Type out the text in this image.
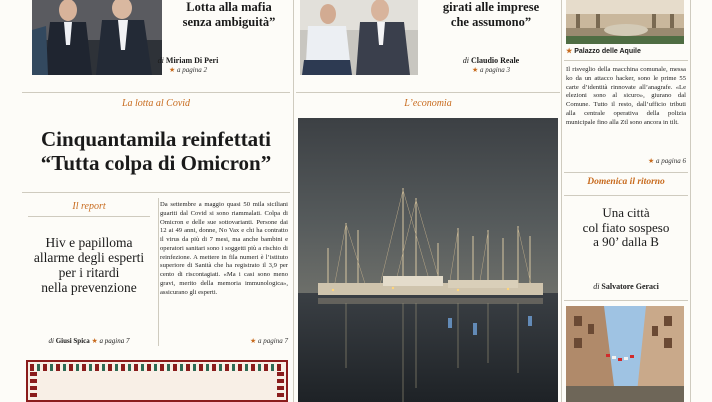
Lotta alla mafia
senza ambiguità”
di Miriam Di Peri
★ a pagina 2
La lotta al Covid
Cinquantamila reinfettati
“Tutta colpa di Omicron”
Il report
Hiv e papilloma
allarme degli esperti
per i ritardi
nella prevenzione
di Giusi Spica ★ a pagina 7
Da settembre a maggio quasi 50 mila siciliani guariti dal Covid si sono riammalati. Colpa di Omicron e delle sue sottovarianti. Persone dai 12 ai 49 anni, donne, No Vax e chi ha contratto il virus da più di 7 mesi, ma anche bambini e operatori sanitari sono i soggetti più a rischio di reinfezione. A mettere in fila numeri è l’istituto superiore di Sanità che ha registrato il 3,9 per cento di riscontagiati. «Ma i casi sono meno gravi, merito della memoria immunologica», assicurano gli esperti.
★ a pagina 7
girati alle imprese
che assumono”
di Claudio Reale
★ a pagina 3
L’economia
★ Palazzo delle Aquile
Il risveglio della macchina comunale, messa ko da un attacco hacker, sono le prime 55 carte d’identità rinnovate all’anagrafe. «Le elezioni sono al sicuro», giurano dal Comune. Tutto il resto, dall’ufficio tributi alla centrale operativa della polizia municipale fino alla Ztl sono ancora in tilt.
★ a pagina 6
Domenica il ritorno
Una città
col fiato sospeso
a 90’ dalla B
di Salvatore Geraci
